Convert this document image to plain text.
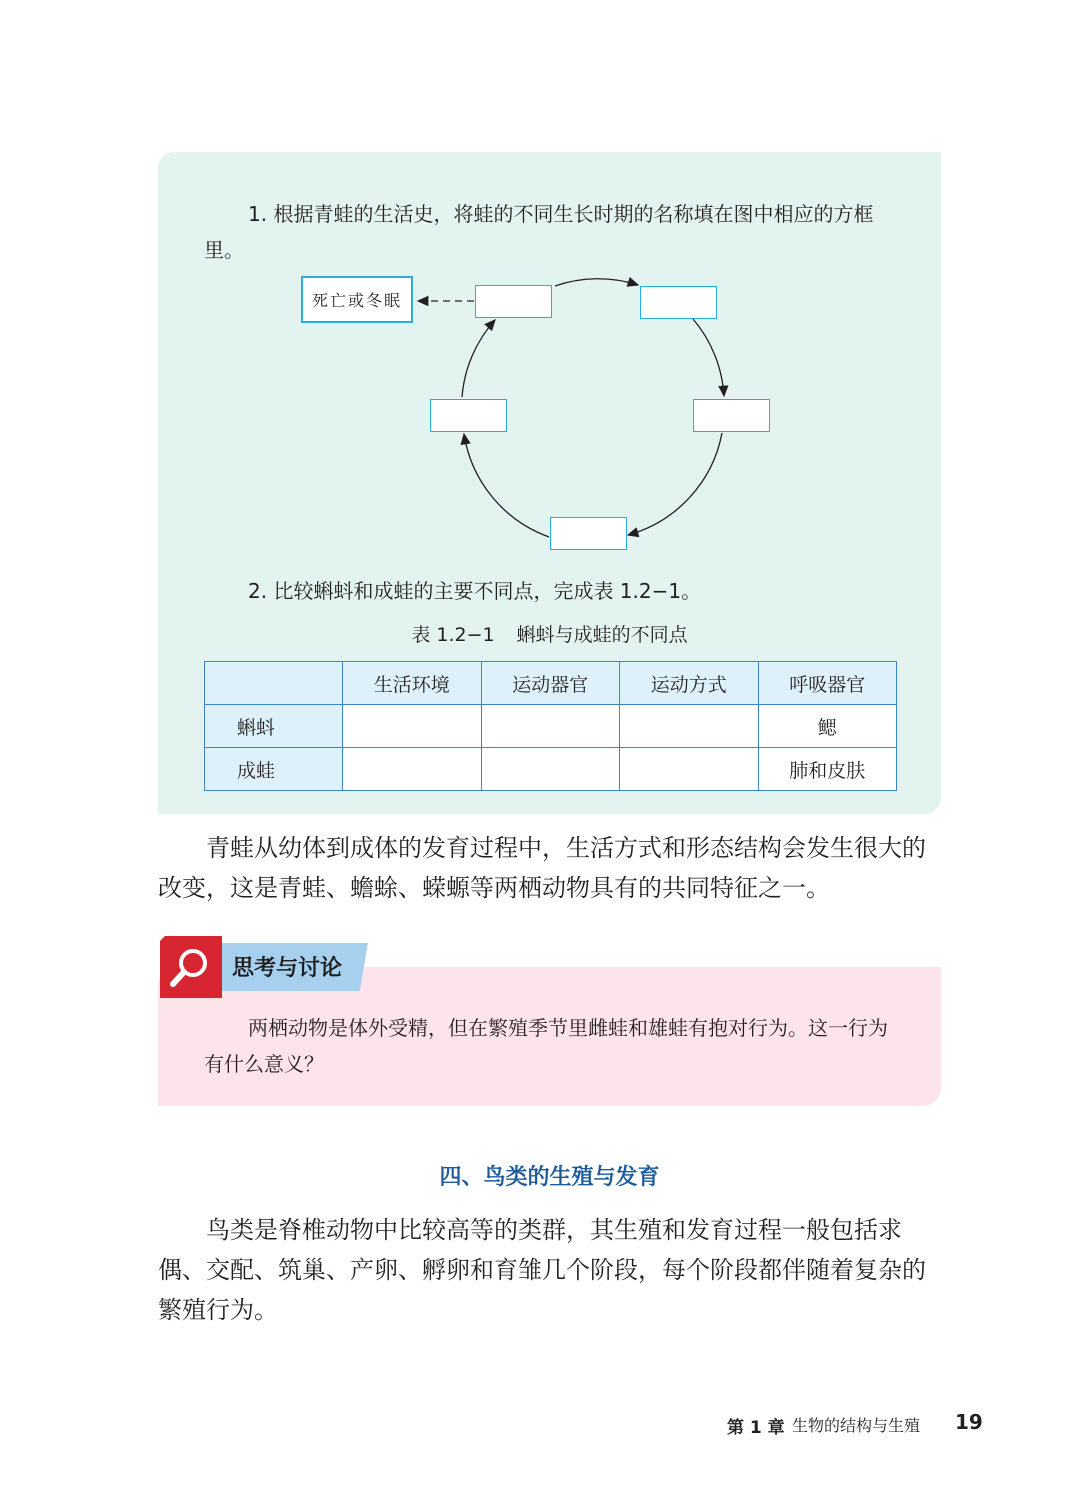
1. 根据青蛙的生活史，将蛙的不同生长时期的名称填在图中相应的方框里。
死亡或冬眠
2. 比较蝌蚪和成蛙的主要不同点，完成表 1.2−1。
表 1.2−1 蝌蚪与成蛙的不同点
	生活环境	运动器官	运动方式	呼吸器官
蝌蚪				鳃
成蛙				肺和皮肤
青蛙从幼体到成体的发育过程中，生活方式和形态结构会发生很大的改变，这是青蛙、蟾蜍、蝾螈等两栖动物具有的共同特征之一。
思考与讨论
两栖动物是体外受精，但在繁殖季节里雌蛙和雄蛙有抱对行为。这一行为有什么意义？
四、鸟类的生殖与发育
鸟类是脊椎动物中比较高等的类群，其生殖和发育过程一般包括求偶、交配、筑巢、产卵、孵卵和育雏几个阶段，每个阶段都伴随着复杂的繁殖行为。
第 1 章 生物的结构与生殖 19
